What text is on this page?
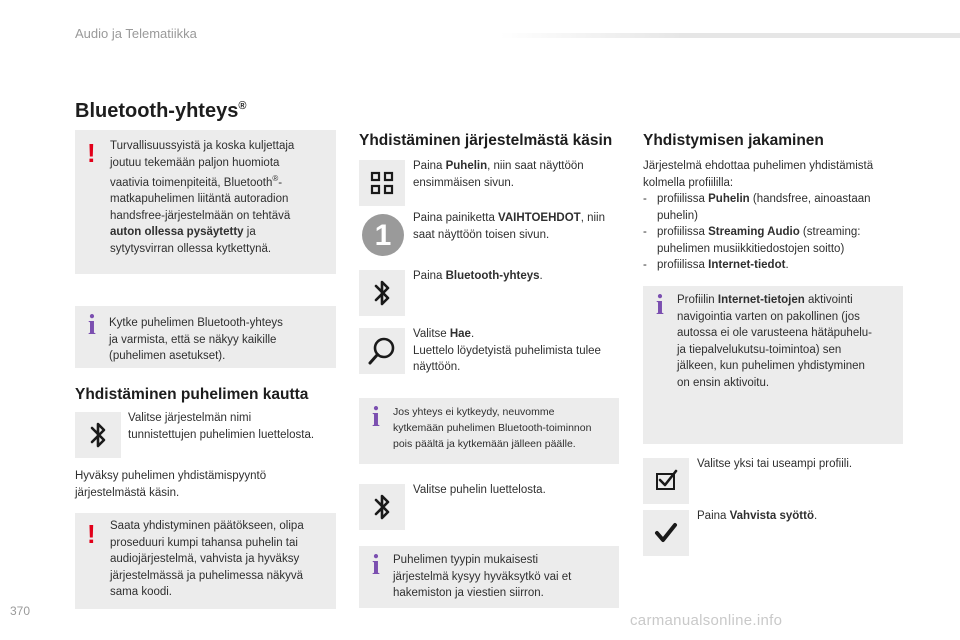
Audio ja Telematiikka
Bluetooth-yhteys®
! Turvallisuussyistä ja koska kuljettaja
joutuu tekemään paljon huomiota
vaativia toimenpiteitä, Bluetooth®-
matkapuhelimen liitäntä autoradion
handsfree-järjestelmään on tehtävä
auton ollessa pysäytetty ja
sytytysvirran ollessa kytkettynä.
i Kytke puhelimen Bluetooth-yhteys
ja varmista, että se näkyy kaikille
(puhelimen asetukset).
Yhdistäminen puhelimen kautta
Valitse järjestelmän nimi
tunnistettujen puhelimien luettelosta.
Hyväksy puhelimen yhdistämispyyntö
järjestelmästä käsin.
! Saata yhdistyminen päätökseen, olipa
proseduuri kumpi tahansa puhelin tai
audiojärjestelmä, vahvista ja hyväksy
järjestelmässä ja puhelimessa näkyvä
sama koodi.
Yhdistäminen järjestelmästä käsin
Paina Puhelin, niin saat näyttöön
ensimmäisen sivun.
1
Paina painiketta VAIHTOEHDOT, niin
saat näyttöön toisen sivun.
Paina Bluetooth-yhteys.
Valitse Hae.
Luettelo löydetyistä puhelimista tulee
näyttöön.
i Jos yhteys ei kytkeydy, neuvomme
kytkemään puhelimen Bluetooth-toiminnon
pois päältä ja kytkemään jälleen päälle.
Valitse puhelin luettelosta.
i Puhelimen tyypin mukaisesti
järjestelmä kysyy hyväksytkö vai et
hakemiston ja viestien siirron.
Yhdistymisen jakaminen
Järjestelmä ehdottaa puhelimen yhdistämistä
kolmella profiililla:
- profiilissa Puhelin (handsfree, ainoastaan
puhelin)
- profiilissa Streaming Audio (streaming:
puhelimen musiikkitiedostojen soitto)
- profiilissa Internet-tiedot.
i Profiilin Internet-tietojen aktivointi
navigointia varten on pakollinen (jos
autossa ei ole varusteena hätäpuhelu-
ja tiepalvelukutsu-toimintoa) sen
jälkeen, kun puhelimen yhdistyminen
on ensin aktivoitu.
Valitse yksi tai useampi profiili.
Paina Vahvista syöttö.
370
carmanualsonline.info
